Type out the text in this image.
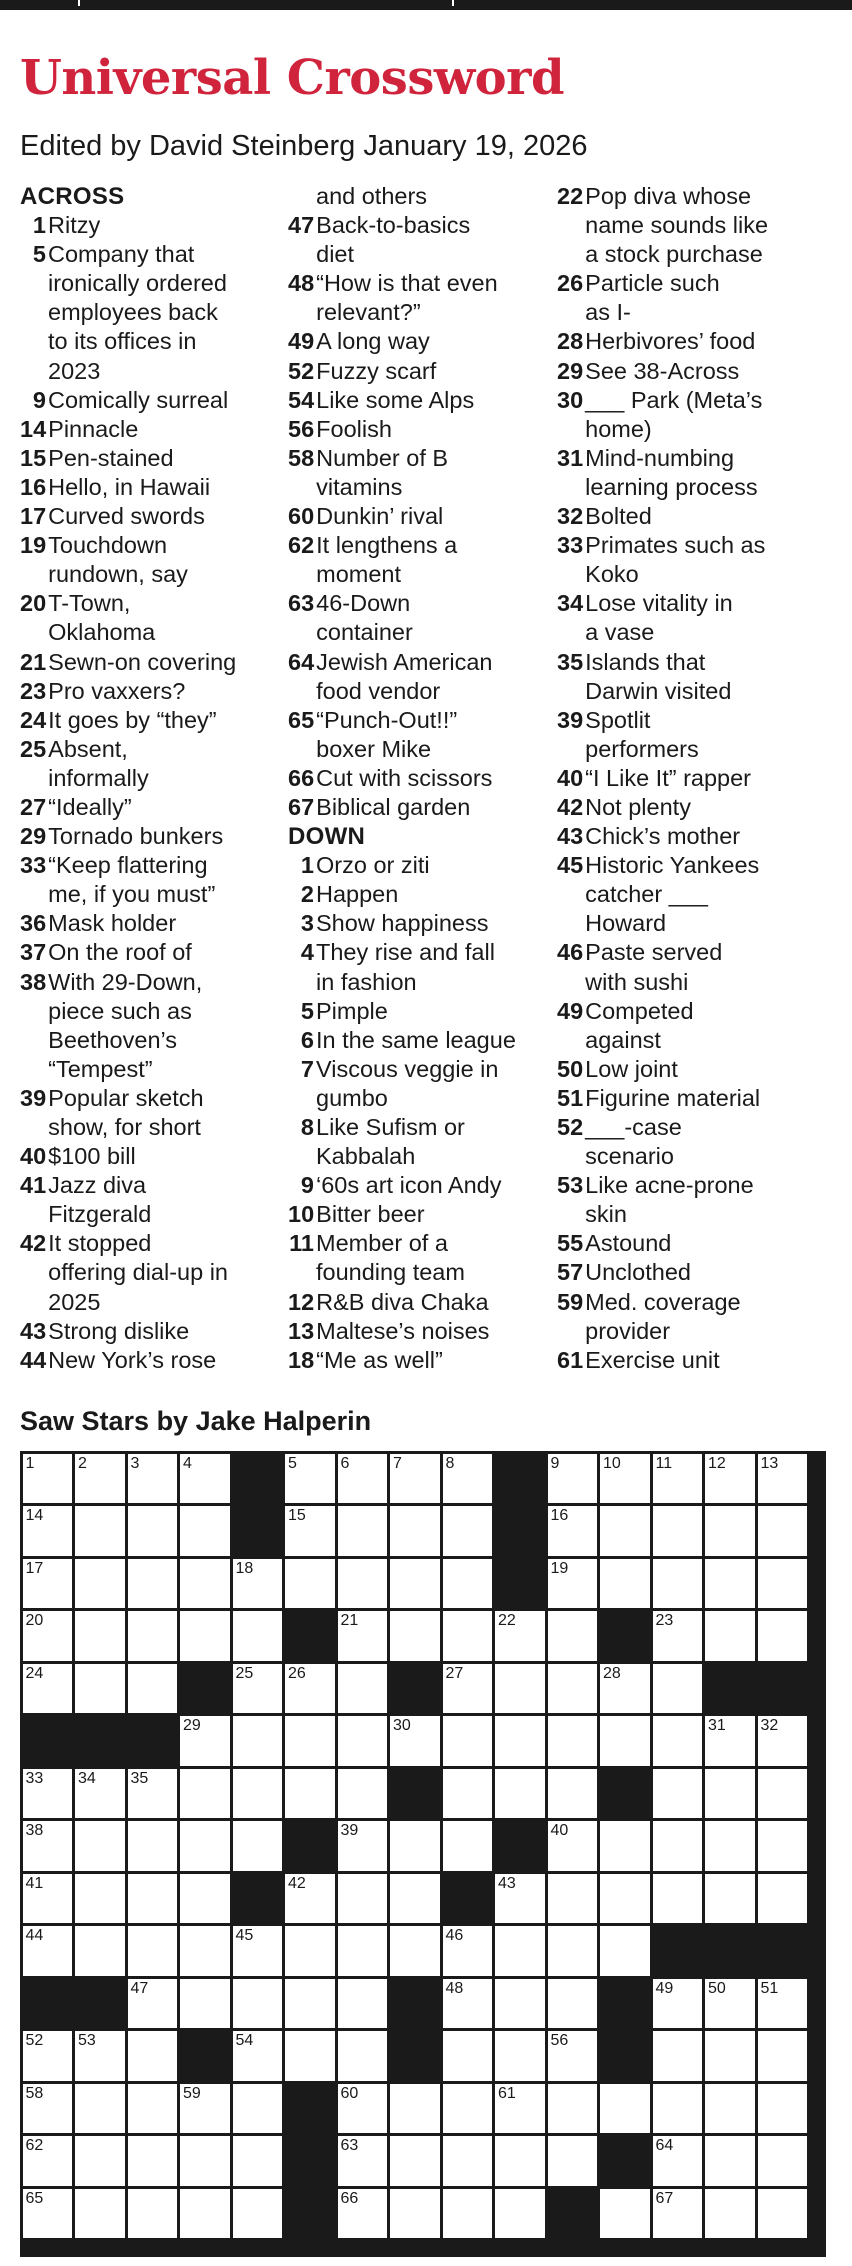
Universal Crossword
Edited by David Steinberg January 19, 2026
ACROSS
1 Ritzy
5 Company that
ironically ordered
employees back
to its offices in
2023
9 Comically surreal
14 Pinnacle
15 Pen-stained
16 Hello, in Hawaii
17 Curved swords
19 Touchdown
rundown, say
20 T-Town,
Oklahoma
21 Sewn-on covering
23 Pro vaxxers?
24 It goes by “they”
25 Absent,
informally
27 “Ideally”
29 Tornado bunkers
33 “Keep flattering
me, if you must”
36 Mask holder
37 On the roof of
38 With 29-Down,
piece such as
Beethoven’s
“Tempest”
39 Popular sketch
show, for short
40 $100 bill
41 Jazz diva
Fitzgerald
42 It stopped
offering dial-up in
2025
43 Strong dislike
44 New York’s rose
and others
47 Back-to-basics
diet
48 “How is that even
relevant?”
49 A long way
52 Fuzzy scarf
54 Like some Alps
56 Foolish
58 Number of B
vitamins
60 Dunkin’ rival
62 It lengthens a
moment
63 46-Down
container
64 Jewish American
food vendor
65 “Punch-Out!!”
boxer Mike
66 Cut with scissors
67 Biblical garden
DOWN
1 Orzo or ziti
2 Happen
3 Show happiness
4 They rise and fall
in fashion
5 Pimple
6 In the same league
7 Viscous veggie in
gumbo
8 Like Sufism or
Kabbalah
9 ‘60s art icon Andy
10 Bitter beer
11 Member of a
founding team
12 R&B diva Chaka
13 Maltese’s noises
18 “Me as well”
22 Pop diva whose
name sounds like
a stock purchase
26 Particle such
as I-
28 Herbivores’ food
29 See 38-Across
30 ___ Park (Meta’s
home)
31 Mind-numbing
learning process
32 Bolted
33 Primates such as
Koko
34 Lose vitality in
a vase
35 Islands that
Darwin visited
39 Spotlit
performers
40 “I Like It” rapper
42 Not plenty
43 Chick’s mother
45 Historic Yankees
catcher ___
Howard
46 Paste served
with sushi
49 Competed
against
50 Low joint
51 Figurine material
52 ___-case
scenario
53 Like acne-prone
skin
55 Astound
57 Unclothed
59 Med. coverage
provider
61 Exercise unit
Saw Stars by Jake Halperin
1	2	3	4	5	6	7	8	9	10 11 12 13
14	15	16
17	18	19
20	21	22	23
24	25 26	27	28
29	30	31 32
33 34 35
38	39	40
41	42	43
44	45	46
47	48	49 50 51
52 53	54	56
58	59	60	61
62	63	64
65	66	67
